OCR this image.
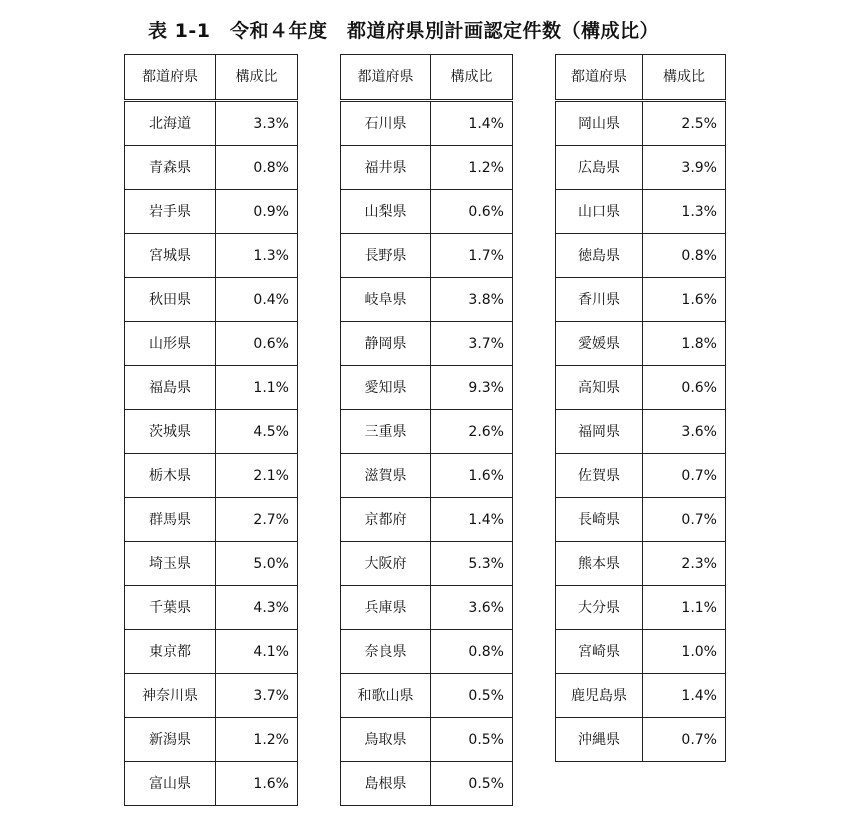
表 1-1　令和４年度　都道府県別計画認定件数（構成比）
都道府県	構成比
北海道	3.3%
青森県	0.8%
岩手県	0.9%
宮城県	1.3%
秋田県	0.4%
山形県	0.6%
福島県	1.1%
茨城県	4.5%
栃木県	2.1%
群馬県	2.7%
埼玉県	5.0%
千葉県	4.3%
東京都	4.1%
神奈川県	3.7%
新潟県	1.2%
富山県	1.6%
都道府県	構成比
石川県	1.4%
福井県	1.2%
山梨県	0.6%
長野県	1.7%
岐阜県	3.8%
静岡県	3.7%
愛知県	9.3%
三重県	2.6%
滋賀県	1.6%
京都府	1.4%
大阪府	5.3%
兵庫県	3.6%
奈良県	0.8%
和歌山県	0.5%
鳥取県	0.5%
島根県	0.5%
都道府県	構成比
岡山県	2.5%
広島県	3.9%
山口県	1.3%
徳島県	0.8%
香川県	1.6%
愛媛県	1.8%
高知県	0.6%
福岡県	3.6%
佐賀県	0.7%
長崎県	0.7%
熊本県	2.3%
大分県	1.1%
宮崎県	1.0%
鹿児島県	1.4%
沖縄県	0.7%
